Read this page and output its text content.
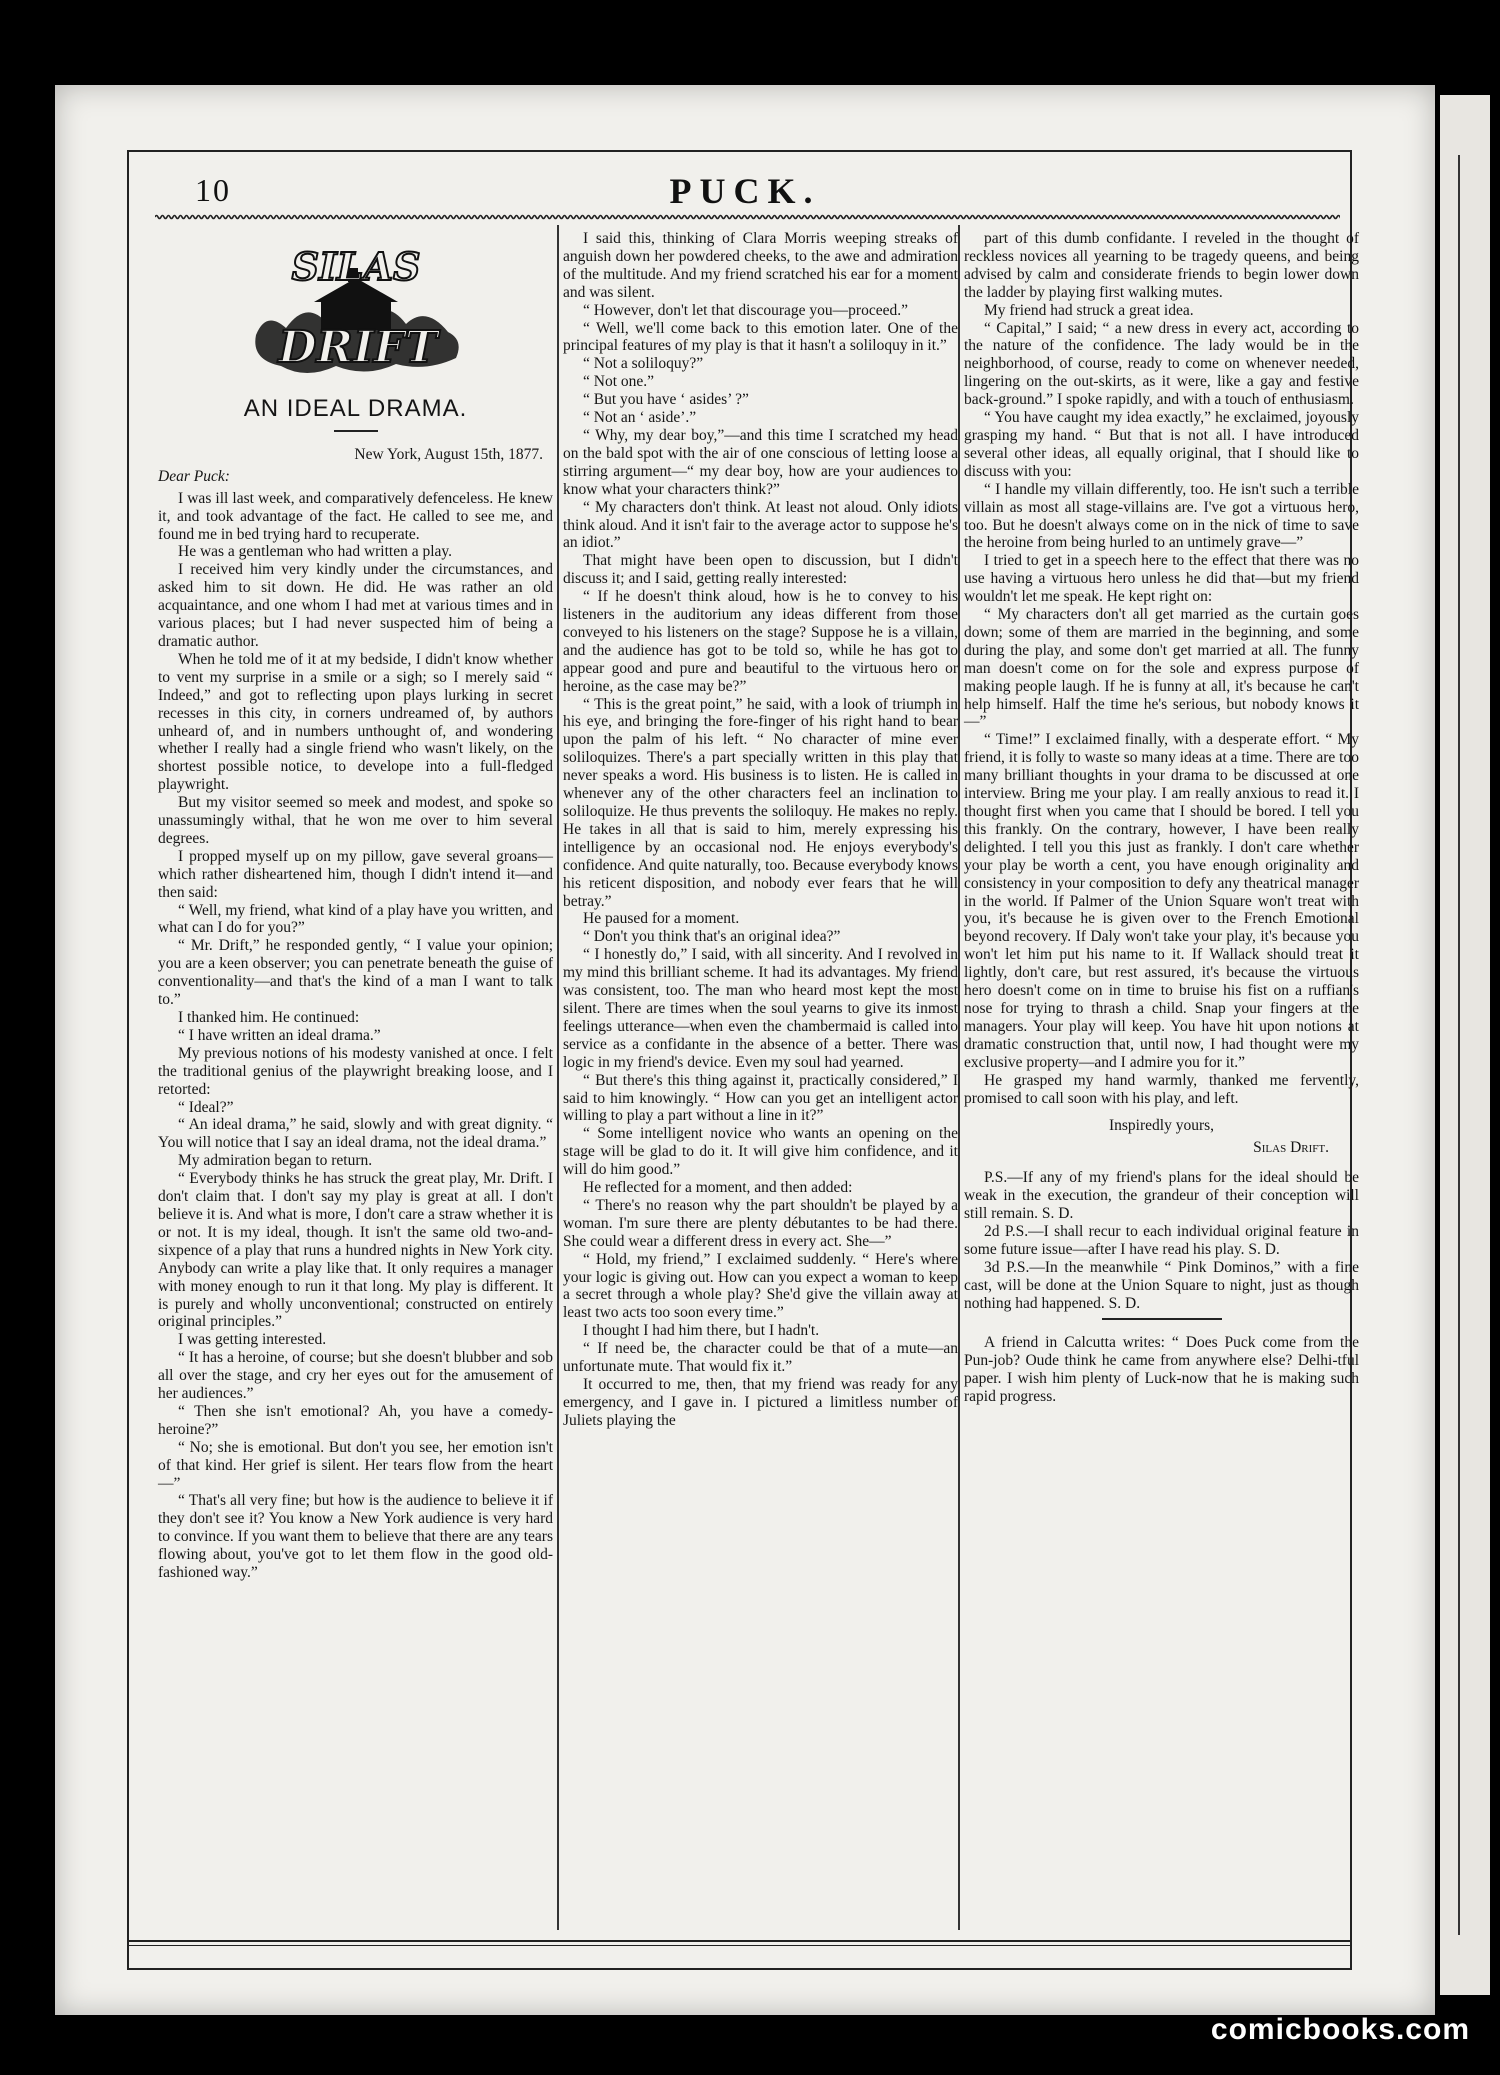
10	PUCK.
SILAS
DRIFT
AN IDEAL DRAMA.
New York, August 15th, 1877.
Dear Puck:

I was ill last week, and comparatively defenceless. He knew it, and took advantage of the fact. He called to see me, and found me in bed trying hard to recuperate.

He was a gentleman who had written a play.

I received him very kindly under the circumstances, and asked him to sit down. He did. He was rather an old acquaintance, and one whom I had met at various times and in various places; but I had never suspected him of being a dramatic author.

When he told me of it at my bedside, I didn't know whether to vent my surprise in a smile or a sigh; so I merely said “ Indeed,” and got to reflecting upon plays lurking in secret recesses in this city, in corners undreamed of, by authors unheard of, and in numbers unthought of, and wondering whether I really had a single friend who wasn't likely, on the shortest possible notice, to develope into a full-fledged playwright.

But my visitor seemed so meek and modest, and spoke so unassumingly withal, that he won me over to him several degrees.

I propped myself up on my pillow, gave several groans—which rather disheartened him, though I didn't intend it—and then said:

“ Well, my friend, what kind of a play have you written, and what can I do for you?”

“ Mr. Drift,” he responded gently, “ I value your opinion; you are a keen observer; you can penetrate beneath the guise of conventionality—and that's the kind of a man I want to talk to.”

I thanked him. He continued:

“ I have written an ideal drama.”

My previous notions of his modesty vanished at once. I felt the traditional genius of the playwright breaking loose, and I retorted:

“ Ideal?”

“ An ideal drama,” he said, slowly and with great dignity. “ You will notice that I say an ideal drama, not the ideal drama.”

My admiration began to return.

“ Everybody thinks he has struck the great play, Mr. Drift. I don't claim that. I don't say my play is great at all. I don't believe it is. And what is more, I don't care a straw whether it is or not. It is my ideal, though. It isn't the same old two-and-sixpence of a play that runs a hundred nights in New York city. Anybody can write a play like that. It only requires a manager with money enough to run it that long. My play is different. It is purely and wholly unconventional; constructed on entirely original principles.”

I was getting interested.

“ It has a heroine, of course; but she doesn't blubber and sob all over the stage, and cry her eyes out for the amusement of her audiences.”

“ Then she isn't emotional? Ah, you have a comedy-heroine?”

“ No; she is emotional. But don't you see, her emotion isn't of that kind. Her grief is silent. Her tears flow from the heart—”

“ That's all very fine; but how is the audience to believe it if they don't see it? You know a New York audience is very hard to convince. If you want them to believe that there are any tears flowing about, you've got to let them flow in the good old-fashioned way.”

I said this, thinking of Clara Morris weeping streaks of anguish down her powdered cheeks, to the awe and admiration of the multitude. And my friend scratched his ear for a moment and was silent.

“ However, don't let that discourage you—proceed.”

“ Well, we'll come back to this emotion later. One of the principal features of my play is that it hasn't a soliloquy in it.”

“ Not a soliloquy?”

“ Not one.”

“ But you have ‘ asides’ ?”

“ Not an ‘ aside’.”

“ Why, my dear boy,”—and this time I scratched my head on the bald spot with the air of one conscious of letting loose a stirring argument—“ my dear boy, how are your audiences to know what your characters think?”

“ My characters don't think. At least not aloud. Only idiots think aloud. And it isn't fair to the average actor to suppose he's an idiot.”

That might have been open to discussion, but I didn't discuss it; and I said, getting really interested:

“ If he doesn't think aloud, how is he to convey to his listeners in the auditorium any ideas different from those conveyed to his listeners on the stage? Suppose he is a villain, and the audience has got to be told so, while he has got to appear good and pure and beautiful to the virtuous hero or heroine, as the case may be?”

“ This is the great point,” he said, with a look of triumph in his eye, and bringing the fore-finger of his right hand to bear upon the palm of his left. “ No character of mine ever soliloquizes. There's a part specially written in this play that never speaks a word. His business is to listen. He is called in whenever any of the other characters feel an inclination to soliloquize. He thus prevents the soliloquy. He makes no reply. He takes in all that is said to him, merely expressing his intelligence by an occasional nod. He enjoys everybody's confidence. And quite naturally, too. Because everybody knows his reticent disposition, and nobody ever fears that he will betray.”

He paused for a moment.

“ Don't you think that's an original idea?”

“ I honestly do,” I said, with all sincerity. And I revolved in my mind this brilliant scheme. It had its advantages. My friend was consistent, too. The man who heard most kept the most silent. There are times when the soul yearns to give its inmost feelings utterance—when even the chambermaid is called into service as a confidante in the absence of a better. There was logic in my friend's device. Even my soul had yearned.

“ But there's this thing against it, practically considered,” I said to him knowingly. “ How can you get an intelligent actor willing to play a part without a line in it?”

“ Some intelligent novice who wants an opening on the stage will be glad to do it. It will give him confidence, and it will do him good.”

He reflected for a moment, and then added:

“ There's no reason why the part shouldn't be played by a woman. I'm sure there are plenty débutantes to be had there. She could wear a different dress in every act. She—”

“ Hold, my friend,” I exclaimed suddenly. “ Here's where your logic is giving out. How can you expect a woman to keep a secret through a whole play? She'd give the villain away at least two acts too soon every time.”

I thought I had him there, but I hadn't.

“ If need be, the character could be that of a mute—an unfortunate mute. That would fix it.”

It occurred to me, then, that my friend was ready for any emergency, and I gave in. I pictured a limitless number of Juliets playing the

part of this dumb confidante. I reveled in the thought of reckless novices all yearning to be tragedy queens, and being advised by calm and considerate friends to begin lower down the ladder by playing first walking mutes.

My friend had struck a great idea.

“ Capital,” I said; “ a new dress in every act, according to the nature of the confidence. The lady would be in the neighborhood, of course, ready to come on whenever needed, lingering on the out-skirts, as it were, like a gay and festive back-ground.” I spoke rapidly, and with a touch of enthusiasm.

“ You have caught my idea exactly,” he exclaimed, joyously grasping my hand. “ But that is not all. I have introduced several other ideas, all equally original, that I should like to discuss with you:

“ I handle my villain differently, too. He isn't such a terrible villain as most all stage-villains are. I've got a virtuous hero, too. But he doesn't always come on in the nick of time to save the heroine from being hurled to an untimely grave—”

I tried to get in a speech here to the effect that there was no use having a virtuous hero unless he did that—but my friend wouldn't let me speak. He kept right on:

“ My characters don't all get married as the curtain goes down; some of them are married in the beginning, and some during the play, and some don't get married at all. The funny man doesn't come on for the sole and express purpose of making people laugh. If he is funny at all, it's because he can't help himself. Half the time he's serious, but nobody knows it—”

“ Time!” I exclaimed finally, with a desperate effort. “ My friend, it is folly to waste so many ideas at a time. There are too many brilliant thoughts in your drama to be discussed at one interview. Bring me your play. I am really anxious to read it. I thought first when you came that I should be bored. I tell you this frankly. On the contrary, however, I have been really delighted. I tell you this just as frankly. I don't care whether your play be worth a cent, you have enough originality and consistency in your composition to defy any theatrical manager in the world. If Palmer of the Union Square won't treat with you, it's because he is given over to the French Emotional beyond recovery. If Daly won't take your play, it's because you won't let him put his name to it. If Wallack should treat it lightly, don't care, but rest assured, it's because the virtuous hero doesn't come on in time to bruise his fist on a ruffian's nose for trying to thrash a child. Snap your fingers at the managers. Your play will keep. You have hit upon notions at dramatic construction that, until now, I had thought were my exclusive property—and I admire you for it.”

He grasped my hand warmly, thanked me fervently, promised to call soon with his play, and left.

Inspiredly yours,
Silas Drift.

P.S.—If any of my friend's plans for the ideal should be weak in the execution, the grandeur of their conception will still remain. S. D.

2d P.S.—I shall recur to each individual original feature in some future issue—after I have read his play. S. D.

3d P.S.—In the meanwhile “ Pink Dominos,” with a fine cast, will be done at the Union Square to night, just as though nothing had happened. S. D.

A friend in Calcutta writes: “ Does Puck come from the Pun-job? Oude think he came from anywhere else? Delhi-tful paper. I wish him plenty of Luck-now that he is making such rapid progress.

comicbooks.com
